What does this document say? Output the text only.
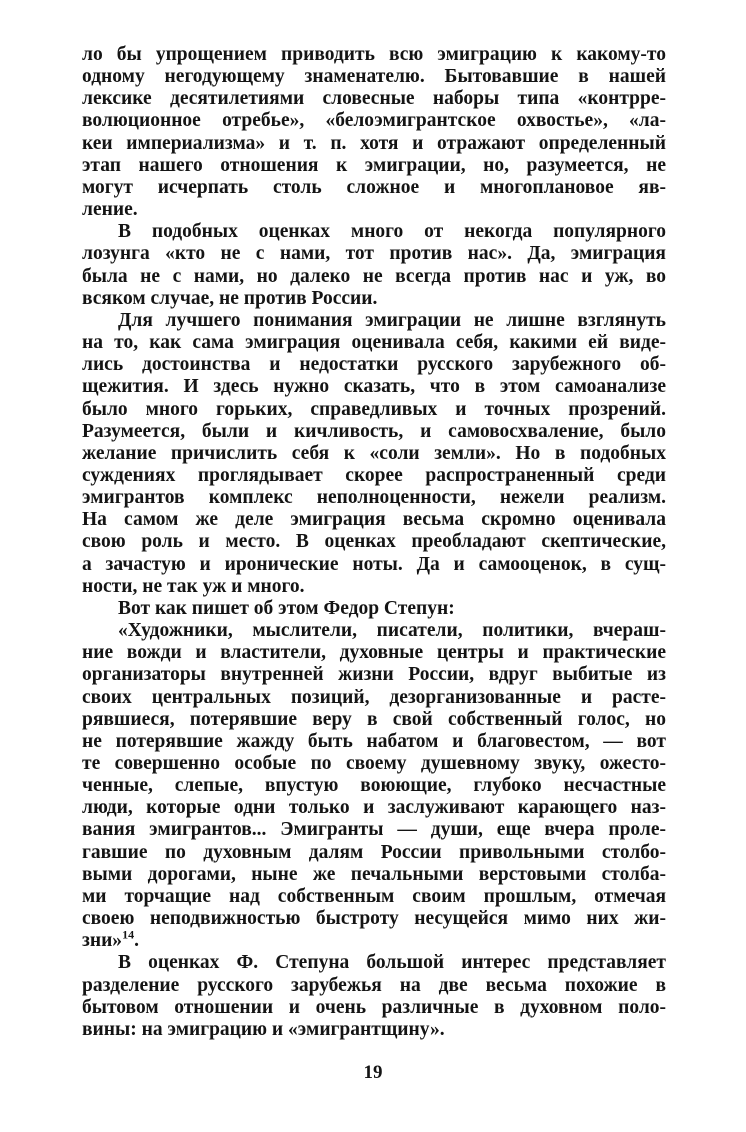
ло бы упрощением приводить всю эмиграцию к какому-то
одному негодующему знаменателю. Бытовавшие в нашей
лексике десятилетиями словесные наборы типа «контрре-
волюционное отребье», «белоэмигрантское охвостье», «ла-
кеи империализма» и т. п. хотя и отражают определенный
этап нашего отношения к эмиграции, но, разумеется, не
могут исчерпать столь сложное и многоплановое яв-
ление.
В подобных оценках много от некогда популярного
лозунга «кто не с нами, тот против нас». Да, эмиграция
была не с нами, но далеко не всегда против нас и уж, во
всяком случае, не против России.
Для лучшего понимания эмиграции не лишне взглянуть
на то, как сама эмиграция оценивала себя, какими ей виде-
лись достоинства и недостатки русского зарубежного об-
щежития. И здесь нужно сказать, что в этом самоанализе
было много горьких, справедливых и точных прозрений.
Разумеется, были и кичливость, и самовосхваление, было
желание причислить себя к «соли земли». Но в подобных
суждениях проглядывает скорее распространенный среди
эмигрантов комплекс неполноценности, нежели реализм.
На самом же деле эмиграция весьма скромно оценивала
свою роль и место. В оценках преобладают скептические,
а зачастую и иронические ноты. Да и самооценок, в сущ-
ности, не так уж и много.
Вот как пишет об этом Федор Степун:
«Художники, мыслители, писатели, политики, вчераш-
ние вожди и властители, духовные центры и практические
организаторы внутренней жизни России, вдруг выбитые из
своих центральных позиций, дезорганизованные и расте-
рявшиеся, потерявшие веру в свой собственный голос, но
не потерявшие жажду быть набатом и благовестом, — вот
те совершенно особые по своему душевному звуку, ожесто-
ченные, слепые, впустую воюющие, глубоко несчастные
люди, которые одни только и заслуживают карающего наз-
вания эмигрантов... Эмигранты — души, еще вчера проле-
гавшие по духовным далям России привольными столбо-
выми дорогами, ныне же печальными верстовыми столба-
ми торчащие над собственным своим прошлым, отмечая
своею неподвижностью быстроту несущейся мимо них жи-
зни»$^{14}$.
В оценках Ф. Степуна большой интерес представляет
разделение русского зарубежья на две весьма похожие в
бытовом отношении и очень различные в духовном поло-
вины: на эмиграцию и «эмигрантщину».
19
